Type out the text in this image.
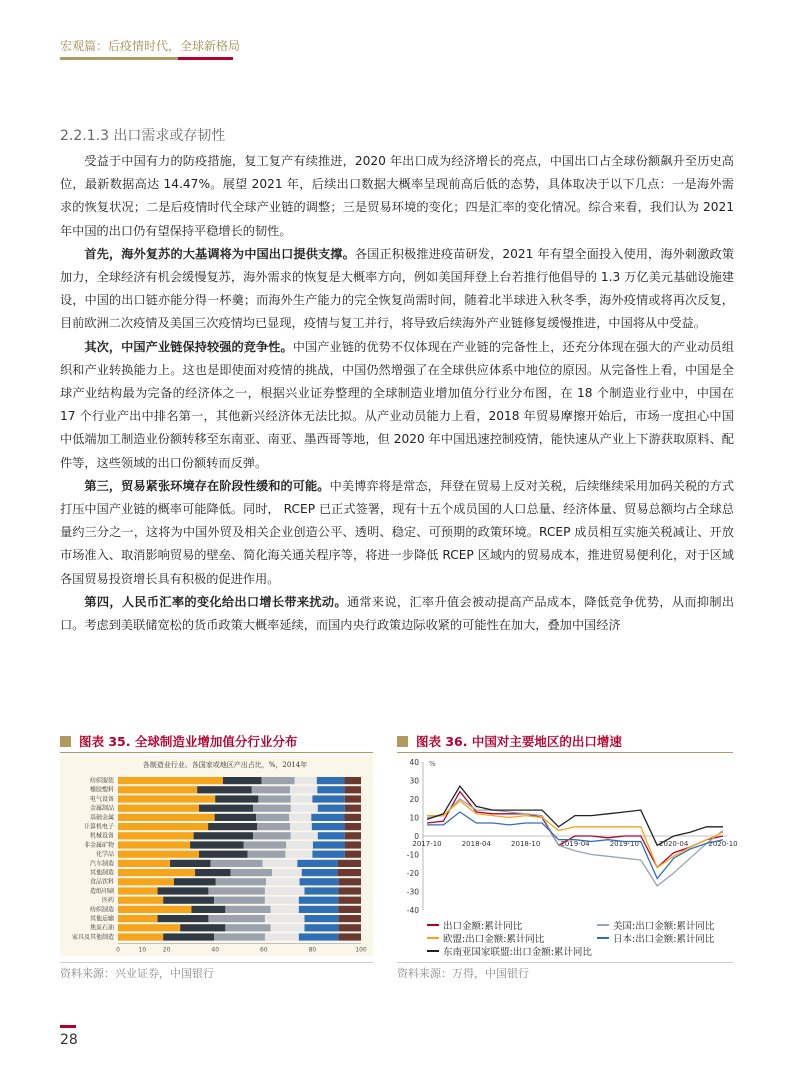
宏观篇：后疫情时代，全球新格局
2.2.1.3 出口需求或存韧性

受益于中国有力的防疫措施，复工复产有续推进，2020 年出口成为经济增长的亮点，中国出口占全球份额飙升至历史高位，最新数据高达 14.47%。展望 2021 年，后续出口数据大概率呈现前高后低的态势，具体取决于以下几点：一是海外需求的恢复状况；二是后疫情时代全球产业链的调整；三是贸易环境的变化；四是汇率的变化情况。综合来看，我们认为 2021 年中国的出口仍有望保持平稳增长的韧性。

首先，海外复苏的大基调将为中国出口提供支撑。各国正积极推进疫苗研发，2021 年有望全面投入使用，海外刺激政策加力，全球经济有机会缓慢复苏，海外需求的恢复是大概率方向，例如美国拜登上台若推行他倡导的 1.3 万亿美元基础设施建设，中国的出口链亦能分得一杯羹；而海外生产能力的完全恢复尚需时间，随着北半球进入秋冬季，海外疫情或将再次反复，目前欧洲二次疫情及美国三次疫情均已显现，疫情与复工并行，将导致后续海外产业链修复缓慢推进，中国将从中受益。

其次，中国产业链保持较强的竞争性。中国产业链的优势不仅体现在产业链的完备性上，还充分体现在强大的产业动员组织和产业转换能力上。这也是即使面对疫情的挑战，中国仍然增强了在全球供应体系中地位的原因。从完备性上看，中国是全球产业结构最为完备的经济体之一，根据兴业证券整理的全球制造业增加值分行业分布图，在 18 个制造业行业中，中国在 17 个行业产出中排名第一，其他新兴经济体无法比拟。从产业动员能力上看，2018 年贸易摩擦开始后，市场一度担心中国中低端加工制造业份额转移至东南亚、南亚、墨西哥等地，但 2020 年中国迅速控制疫情，能快速从产业上下游获取原料、配件等，这些领域的出口份额转而反弹。

第三，贸易紧张环境存在阶段性缓和的可能。中美博弈将是常态，拜登在贸易上反对关税，后续继续采用加码关税的方式打压中国产业链的概率可能降低。同时， RCEP 已正式签署，现有十五个成员国的人口总量、经济体量、贸易总额均占全球总量约三分之一，这将为中国外贸及相关企业创造公平、透明、稳定、可预期的政策环境。RCEP 成员相互实施关税减让、开放市场准入、取消影响贸易的壁垒、简化海关通关程序等，将进一步降低 RCEP 区域内的贸易成本，推进贸易便利化，对于区域各国贸易投资增长具有积极的促进作用。

第四，人民币汇率的变化给出口增长带来扰动。通常来说，汇率升值会被动提高产品成本，降低竞争优势，从而抑制出口。考虑到美联储宽松的货币政策大概率延续，而国内央行政策边际收紧的可能性在加大，叠加中国经济

图表 35. 全球制造业增加值分行业分布
各制造业行业、各国家或地区产出占比，%，2014年
纺织服装
橡胶塑料
电气设备
金属制品
基础金属
计算机电子
机械设备
非金属矿物
化学品
汽车制造
其他制造
食品饮料
造纸印刷
医药
纺织制造
其他运输
焦炭石油
家具及其他制造
0	10	20	40	60	80	100
资料来源：兴业证券，中国银行
图表 36. 中国对主要地区的出口增速
%
-40
-30
-20
-10
0
10
20
30
40
2017-10	2018-04	2018-10	2019-04	2019-10	2020-04	2020-10
出口金额:累计同比	美国:出口金额:累计同比
欧盟:出口金额:累计同比	日本:出口金额:累计同比
东南亚国家联盟:出口金额:累计同比
资料来源：万得，中国银行
28
